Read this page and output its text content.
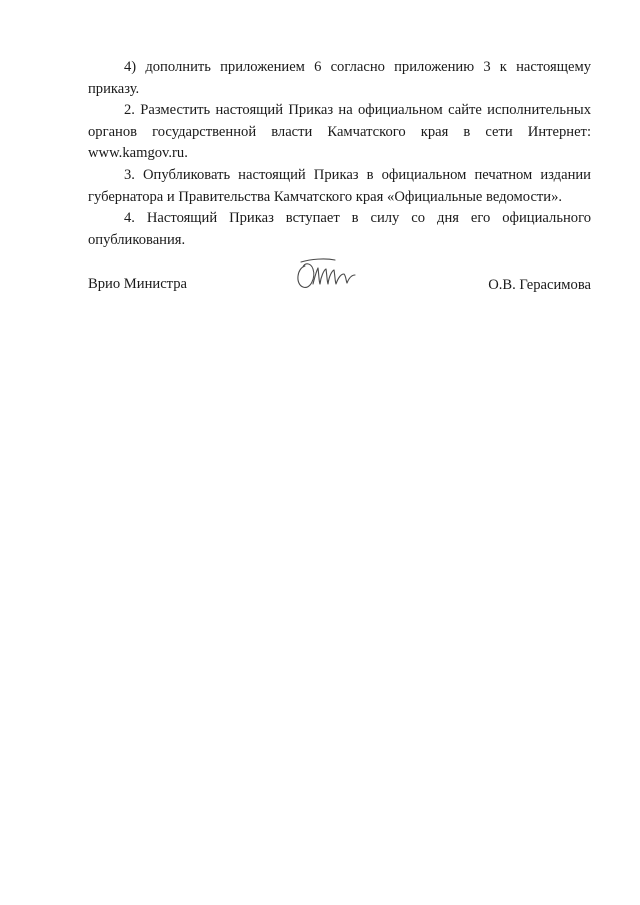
4) дополнить приложением 6 согласно приложению 3 к настоящему приказу.

2. Разместить настоящий Приказ на официальном сайте исполнительных органов государственной власти Камчатского края в сети Интернет: www.kamgov.ru.

3. Опубликовать настоящий Приказ в официальном печатном издании губернатора и Правительства Камчатского края «Официальные ведомости».

4. Настоящий Приказ вступает в силу со дня его официального опубликования.

Врио Министра	О.В. Герасимова
